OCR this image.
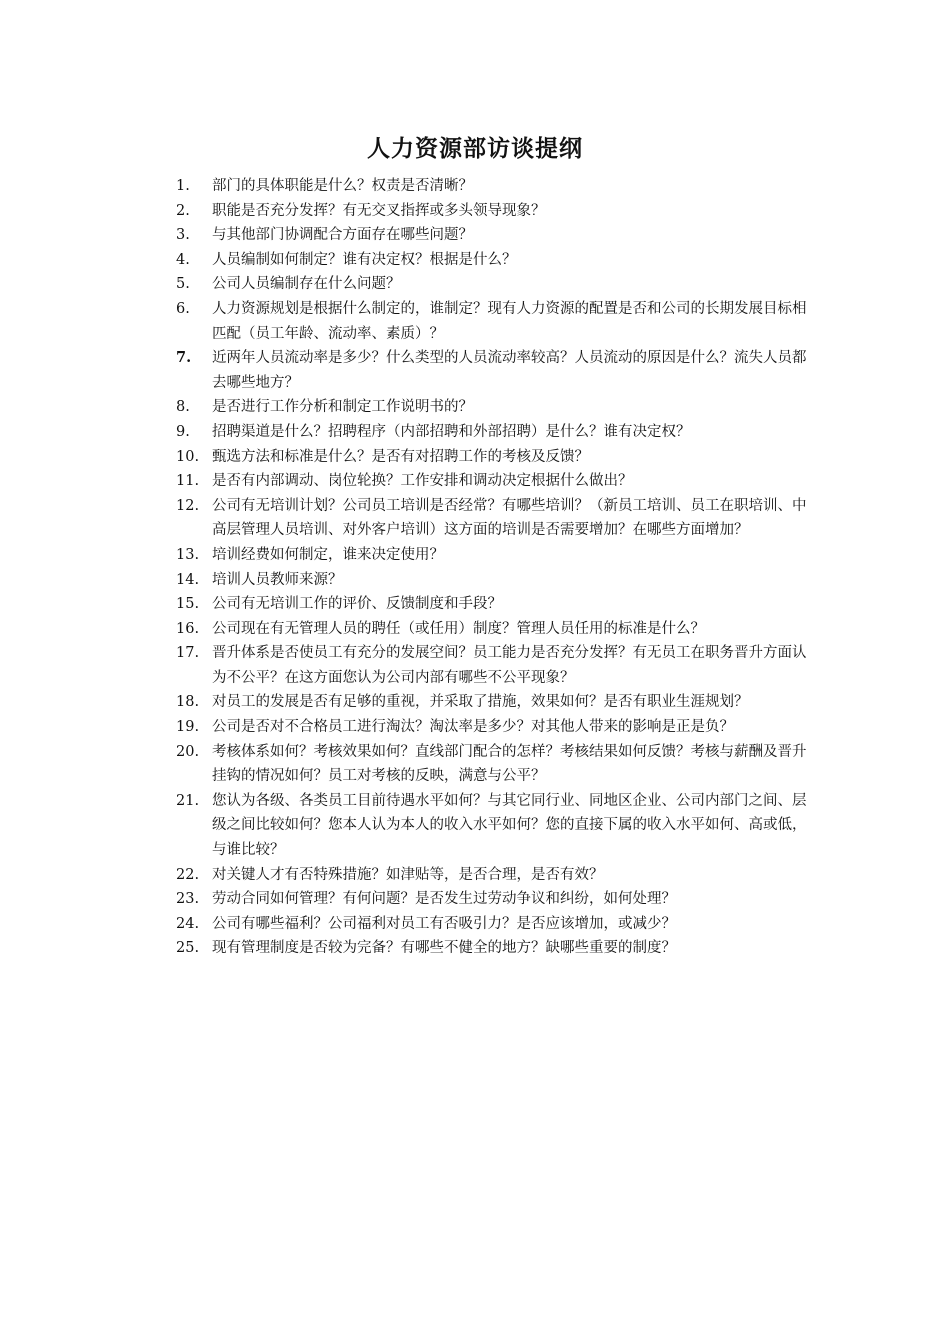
人力资源部访谈提纲
1.	部门的具体职能是什么？权责是否清晰？
2.	职能是否充分发挥？有无交叉指挥或多头领导现象？
3.	与其他部门协调配合方面存在哪些问题？
4.	人员编制如何制定？谁有决定权？根据是什么？
5.	公司人员编制存在什么问题？
6.	人力资源规划是根据什么制定的，谁制定？现有人力资源的配置是否和公司的长期发展目标相匹配（员工年龄、流动率、素质）？
7.	近两年人员流动率是多少？什么类型的人员流动率较高？人员流动的原因是什么？流失人员都去哪些地方？
8.	是否进行工作分析和制定工作说明书的？
9.	招聘渠道是什么？招聘程序（内部招聘和外部招聘）是什么？谁有决定权？
10. 甄选方法和标准是什么？是否有对招聘工作的考核及反馈？
11. 是否有内部调动、岗位轮换？工作安排和调动决定根据什么做出？
12. 公司有无培训计划？公司员工培训是否经常？有哪些培训？（新员工培训、员工在职培训、中高层管理人员培训、对外客户培训）这方面的培训是否需要增加？在哪些方面增加？
13. 培训经费如何制定，谁来决定使用？
14. 培训人员教师来源？
15. 公司有无培训工作的评价、反馈制度和手段？
16. 公司现在有无管理人员的聘任（或任用）制度？管理人员任用的标准是什么？
17. 晋升体系是否使员工有充分的发展空间？员工能力是否充分发挥？有无员工在职务晋升方面认为不公平？在这方面您认为公司内部有哪些不公平现象？
18. 对员工的发展是否有足够的重视，并采取了措施，效果如何？是否有职业生涯规划？
19. 公司是否对不合格员工进行淘汰？淘汰率是多少？对其他人带来的影响是正是负？
20. 考核体系如何？考核效果如何？直线部门配合的怎样？考核结果如何反馈？考核与薪酬及晋升挂钩的情况如何？员工对考核的反映，满意与公平？
21. 您认为各级、各类员工目前待遇水平如何？与其它同行业、同地区企业、公司内部门之间、层级之间比较如何？您本人认为本人的收入水平如何？您的直接下属的收入水平如何、高或低，与谁比较？
22. 对关键人才有否特殊措施？如津贴等，是否合理，是否有效？
23. 劳动合同如何管理？有何问题？是否发生过劳动争议和纠纷，如何处理？
24. 公司有哪些福利？公司福利对员工有否吸引力？是否应该增加，或减少？
25. 现有管理制度是否较为完备？有哪些不健全的地方？缺哪些重要的制度？
